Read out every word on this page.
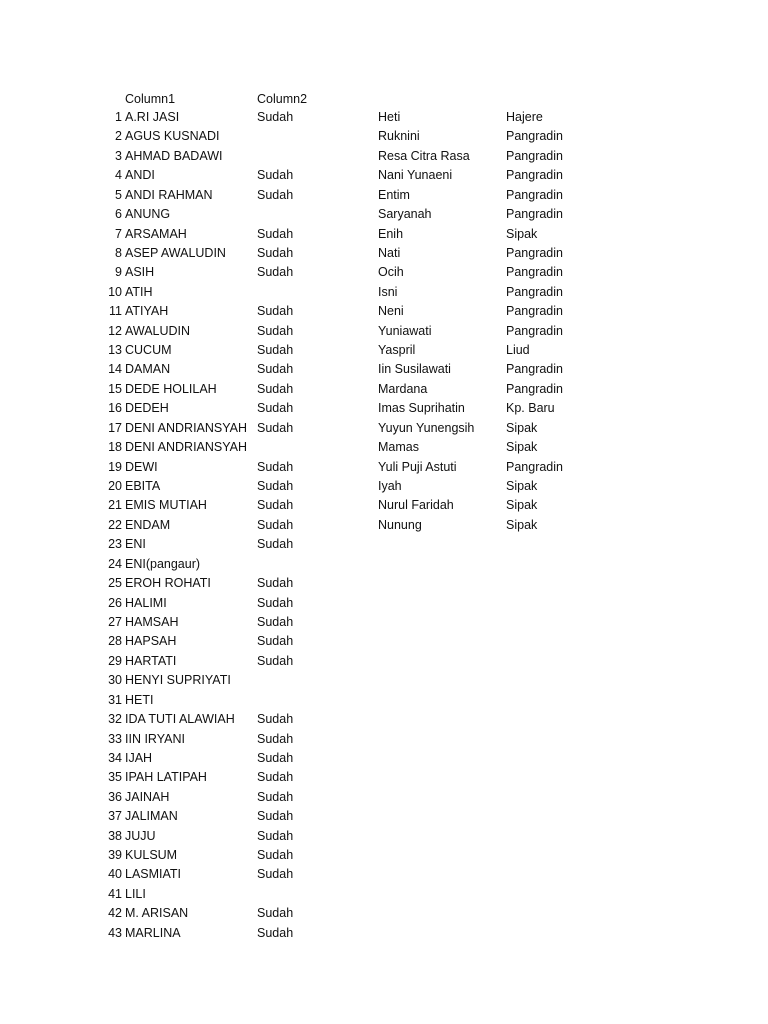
Column1	Column2
1 A.RI JASI	Sudah
2 AGUS KUSNADI
3 AHMAD BADAWI
4 ANDI	Sudah
5 ANDI RAHMAN	Sudah
6 ANUNG
7 ARSAMAH	Sudah
8 ASEP AWALUDIN Sudah
9 ASIH	Sudah
10 ATIH
11 ATIYAH	Sudah
12 AWALUDIN	Sudah
13 CUCUM	Sudah
14 DAMAN	Sudah
15 DEDE HOLILAH	Sudah
16 DEDEH	Sudah
17 DENI ANDRIANSYAH Sudah
18 DENI ANDRIANSYAH
19 DEWI	Sudah
20 EBITA	Sudah
21 EMIS MUTIAH	Sudah
22 ENDAM	Sudah
23 ENI	Sudah
24 ENI(pangaur)
25 EROH ROHATI	Sudah
26 HALIMI	Sudah
27 HAMSAH	Sudah
28 HAPSAH	Sudah
29 HARTATI	Sudah
30 HENYI SUPRIYATI
31 HETI
32 IDA TUTI ALAWIAH Sudah
33 IIN IRYANI	Sudah
34 IJAH	Sudah
35 IPAH LATIPAH	Sudah
36 JAINAH	Sudah
37 JALIMAN	Sudah
38 JUJU	Sudah
39 KULSUM	Sudah
40 LASMIATI	Sudah
41 LILI
42 M. ARISAN	Sudah
43 MARLINA	Sudah
Heti	Hajere
Ruknini	Pangradin
Resa Citra Rasa	Pangradin
Nani Yunaeni	Pangradin
Entim	Pangradin
Saryanah	Pangradin
Enih	Sipak
Nati	Pangradin
Ocih	Pangradin
Isni	Pangradin
Neni	Pangradin
Yuniawati	Pangradin
Yaspril	Liud
Iin Susilawati	Pangradin
Mardana	Pangradin
Imas Suprihatin	Kp. Baru
Yuyun Yunengsih	Sipak
Mamas	Sipak
Yuli Puji Astuti	Pangradin
Iyah	Sipak
Nurul Faridah	Sipak
Nunung	Sipak
